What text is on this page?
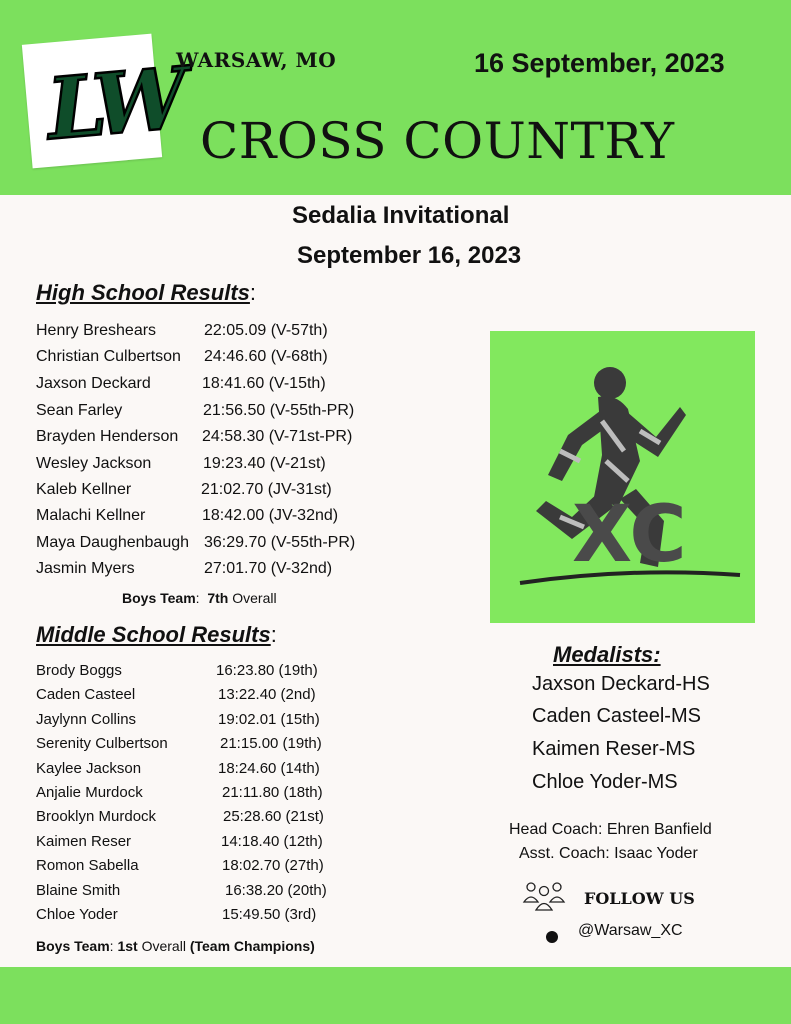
LW
WARSAW, MO	16 September, 2023
CROSS COUNTRY
Sedalia Invitational
September 16, 2023
High School Results:
Henry Breshears	22:05.09 (V-57th)
Christian Culbertson 24:46.60 (V-68th)
Jaxson Deckard	18:41.60 (V-15th)
Sean Farley	21:56.50 (V-55th-PR)
Brayden Henderson 24:58.30 (V-71st-PR)
Wesley Jackson	19:23.40 (V-21st)
Kaleb Kellner	21:02.70 (JV-31st)
Malachi Kellner	18:42.00 (JV-32nd)
Maya Daughenbaugh 36:29.70 (V-55th-PR)
Jasmin Myers	27:01.70 (V-32nd)
Boys Team: 7th Overall
Middle School Results:
Brody Boggs	16:23.80 (19th)
Caden Casteel	13:22.40 (2nd)
Jaylynn Collins	19:02.01 (15th)
Serenity Culbertson	21:15.00 (19th)
Kaylee Jackson	18:24.60 (14th)
Anjalie Murdock	21:11.80 (18th)
Brooklyn Murdock	25:28.60 (21st)
Kaimen Reser	14:18.40 (12th)
Romon Sabella	18:02.70 (27th)
Blaine Smith	16:38.20 (20th)
Chloe Yoder	15:49.50 (3rd)
Boys Team: 1st Overall (Team Champions)
XC
Medalists:
Jaxson Deckard-HS
Caden Casteel-MS
Kaimen Reser-MS
Chloe Yoder-MS
Head Coach: Ehren Banfield
Asst. Coach: Isaac Yoder
FOLLOW US
@Warsaw_XC
